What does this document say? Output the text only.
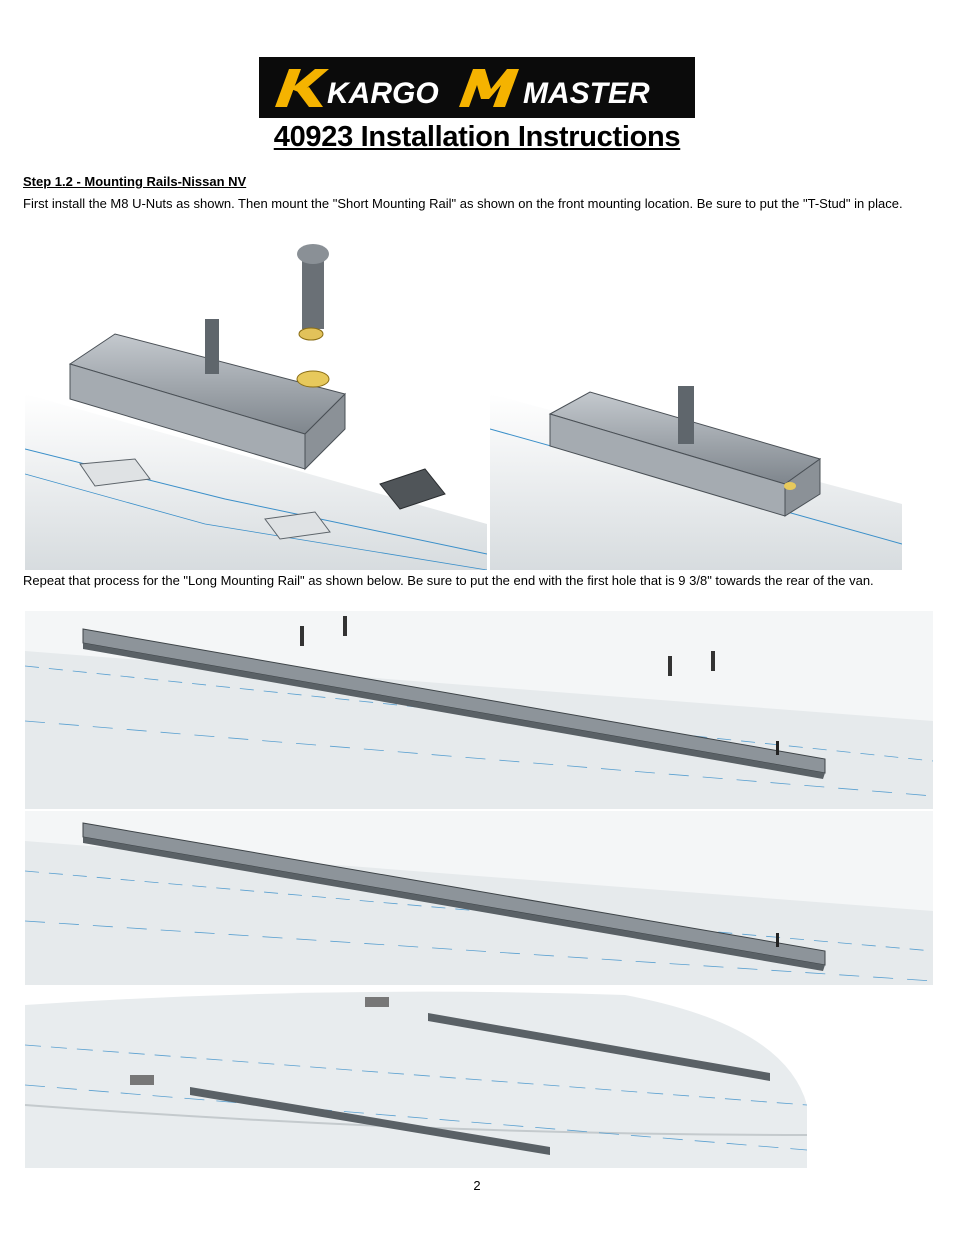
KARGO	MASTER
40923 Installation Instructions
Step 1.2 - Mounting Rails-Nissan NV
First install the M8 U-Nuts as shown. Then mount the "Short Mounting Rail" as shown on the front mounting location. Be sure to put the "T-Stud" in place.
Repeat that process for the "Long Mounting Rail" as shown below. Be sure to put the end with the first hole that is 9 3/8" towards the rear of the van.
2
